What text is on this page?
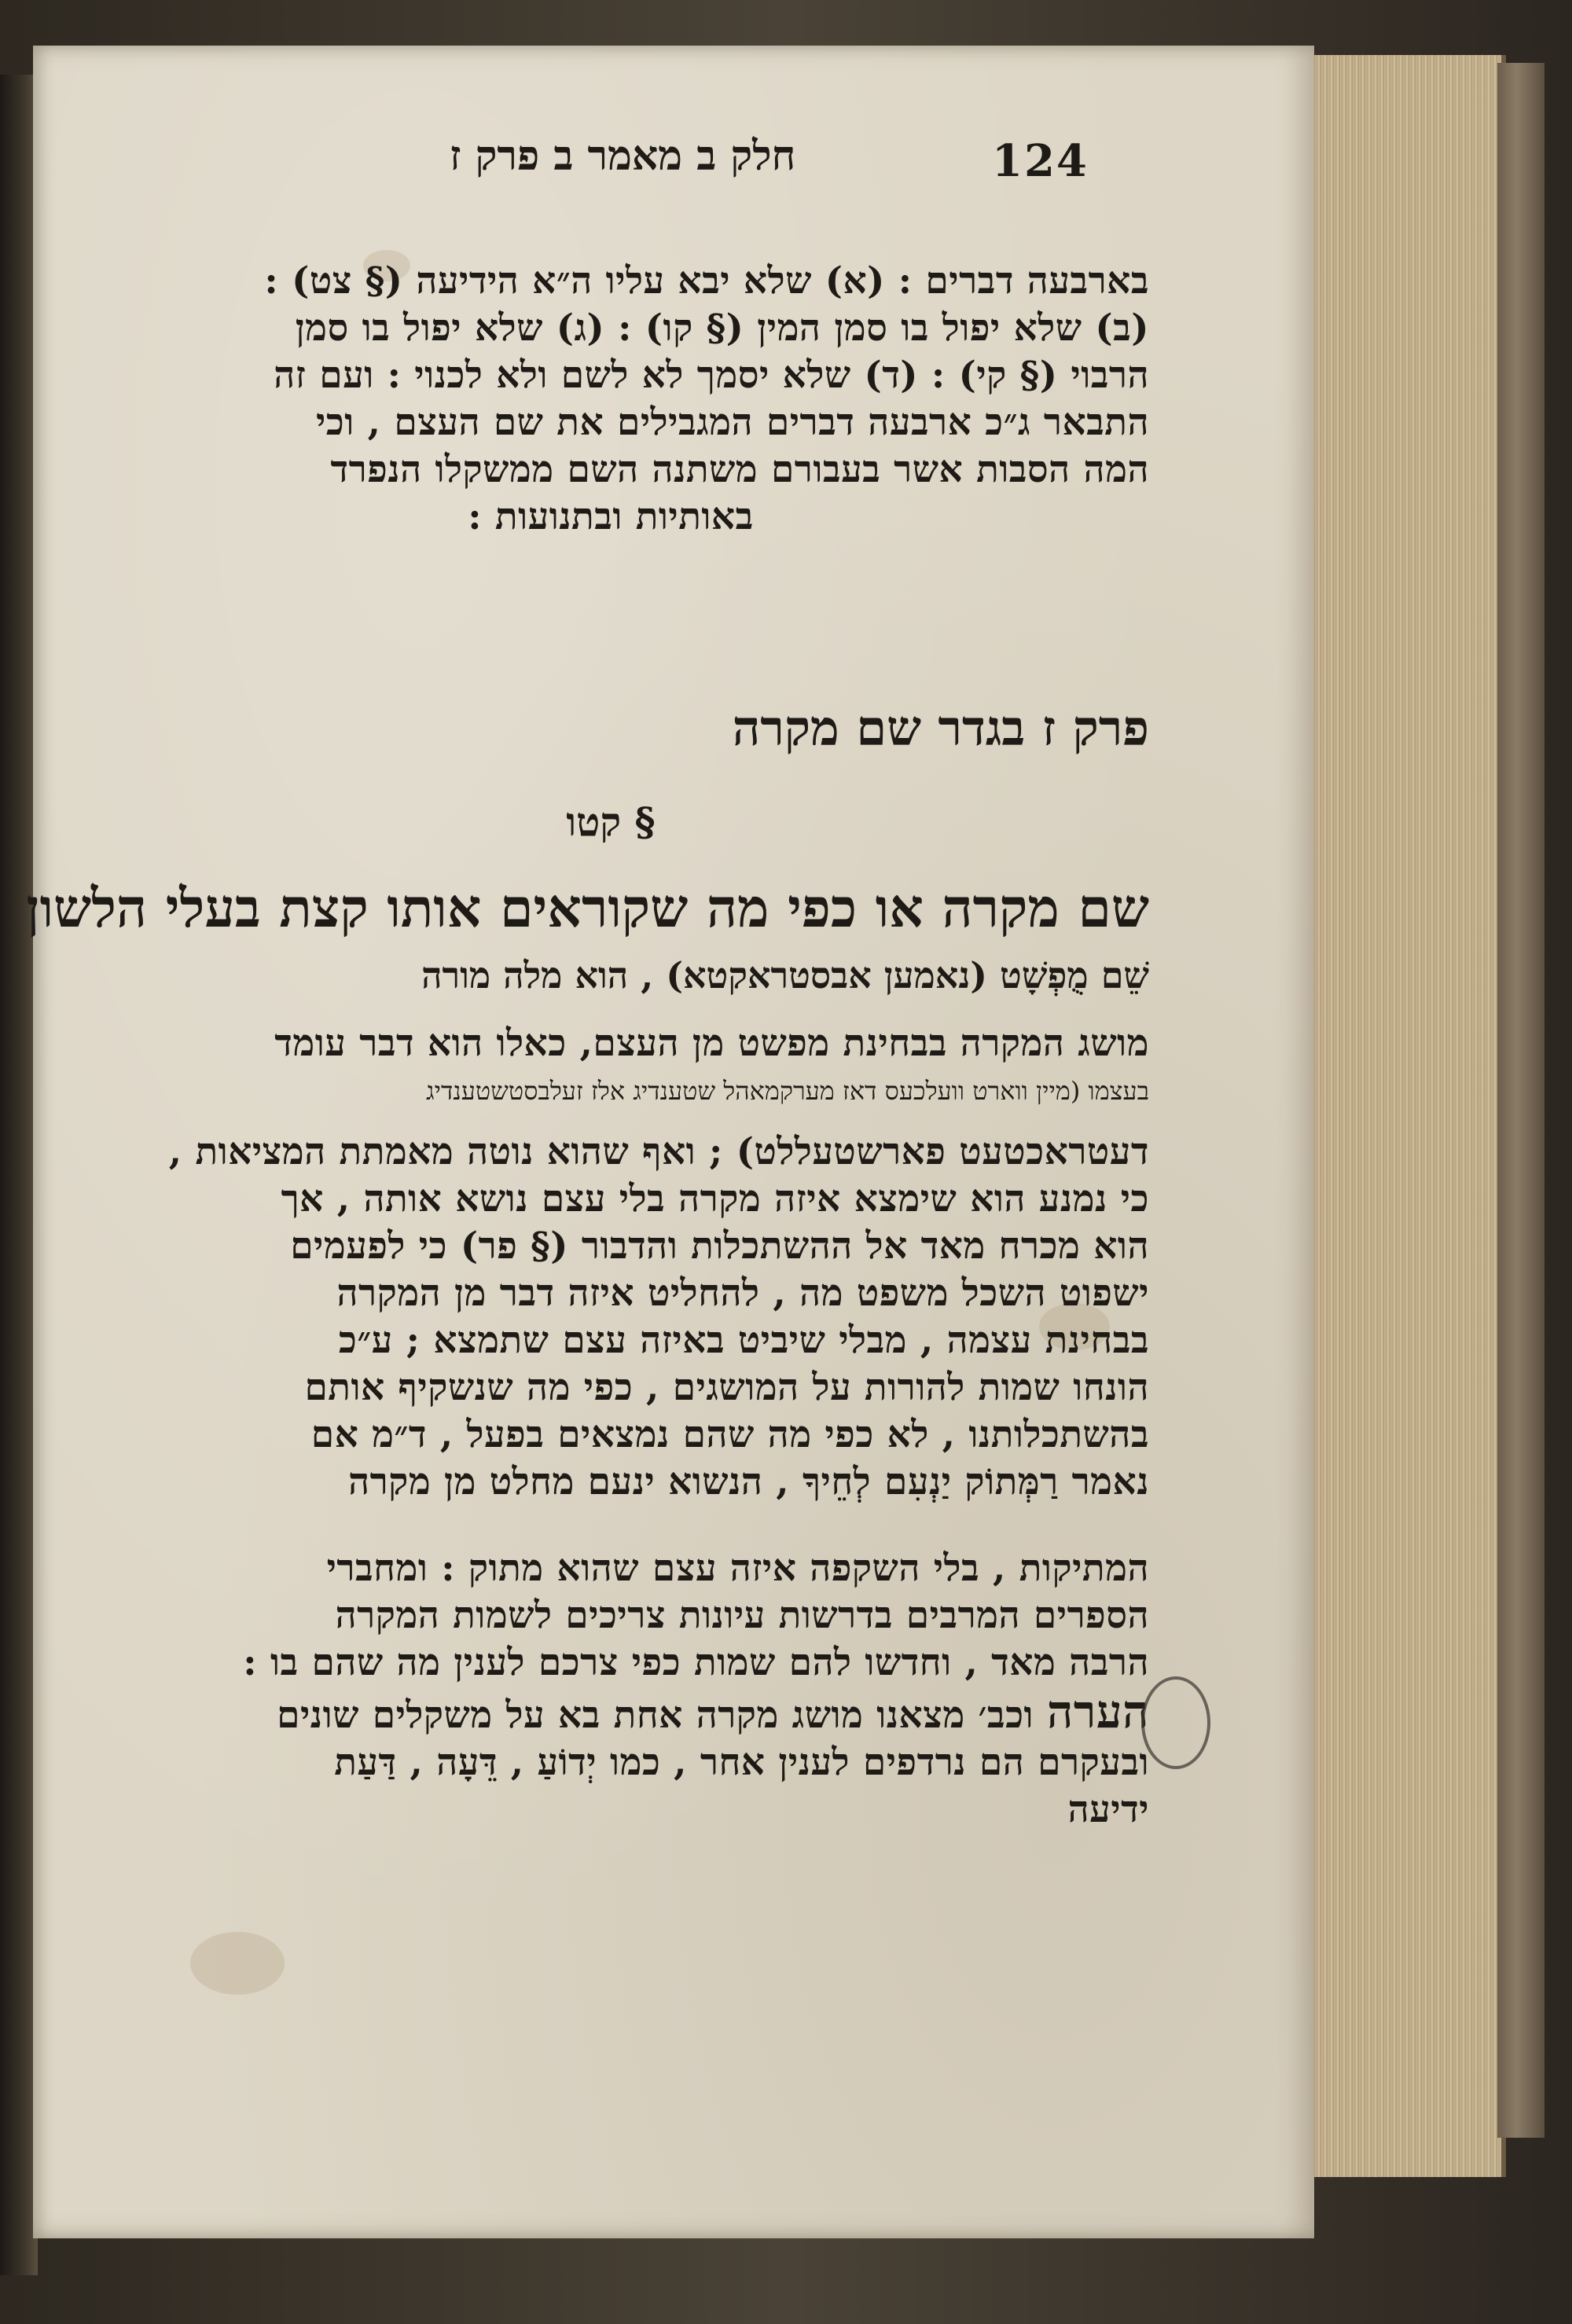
חלק ב מאמר ב פרק ז	124
בארבעה דברים : (א) שלא יבא עליו ה״א הידיעה (§ צט) :
(ב) שלא יפול בו סמן המין (§ קו) : (ג) שלא יפול בו סמן
הרבוי (§ קי) : (ד) שלא יסמך לא לשם ולא לכנוי : ועם זה
התבאר ג״כ ארבעה דברים המגבילים את שם העצם , וכי
המה הסבות אשר בעבורם משתנה השם ממשקלו הנפרד
באותיות ובתנועות :
פרק ז בגדר שם מקרה
§ קטו
שם מקרה או כפי מה שקוראים אותו קצת בעלי הלשון
שֵׁם מֻפְשָׁט (נאמען אבסטראקטא) , הוא מלה מורה
מושג המקרה בבחינת מפשט מן העצם, כאלו הוא דבר עומד
בעצמו (מיין ווארט וועלכעס דאז מערקמאהל שטענדיג אלז זעלבסטשטענדיג
דעטראכטעט פארשטעללט) ; ואף שהוא נוטה מאמתת המציאות ,
כי נמנע הוא שימצא איזה מקרה בלי עצם נושא אותה , אך
הוא מכרח מאד אל ההשתכלות והדבור (§ פר) כי לפעמים
ישפוט השכל משפט מה , להחליט איזה דבר מן המקרה
בבחינת עצמה , מבלי שיביט באיזה עצם שתמצא ; ע״כ
הונחו שמות להורות על המושגים , כפי מה שנשקיף אותם
בהשתכלותנו , לא כפי מה שהם נמצאים בפעל , ד״מ אם
נאמר רַמְּתוֹק יַנְעִם לְחֵיךָ , הנשוא ינעם מחלט מן מקרה
המתיקות , בלי השקפה איזה עצם שהוא מתוק : ומחברי
הספרים המרבים בדרשות עיונות צריכים לשמות המקרה
הרבה מאד , וחדשו להם שמות כפי צרכם לענין מה שהם בו :
הערה וכב׳ מצאנו מושג מקרה אחת בא על משקלים שונים
ובעקרם הם נרדפים לענין אחר , כמו יְדוֹעַ , דֵּעָה , דַּעַת
ידיעה
